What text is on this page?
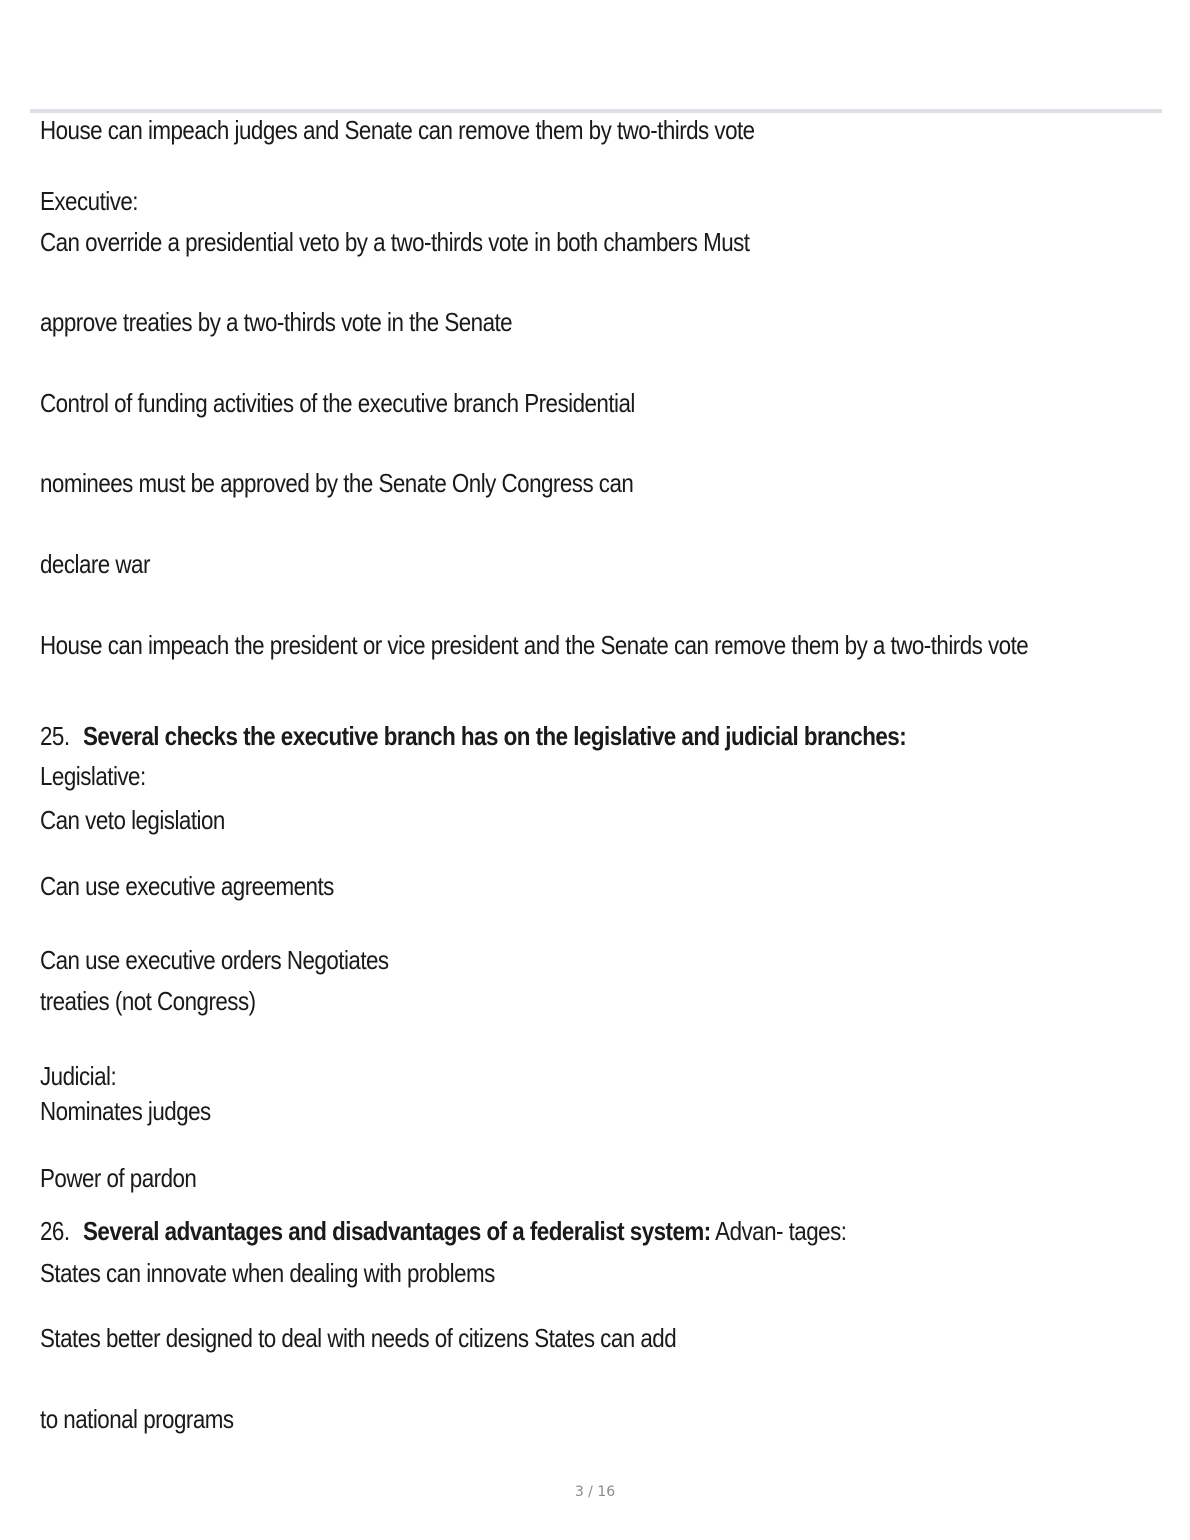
House can impeach judges and Senate can remove them by two-thirds vote

Executive:

Can override a presidential veto by a two-thirds vote in both chambers Must

approve treaties by a two-thirds vote in the Senate

Control of funding activities of the executive branch Presidential

nominees must be approved by the Senate Only Congress can

declare war

House can impeach the president or vice president and the Senate can remove them by a two-thirds vote

25. Several checks the executive branch has on the legislative and judicial branches:

Legislative:

Can veto legislation

Can use executive agreements

Can use executive orders Negotiates

treaties (not Congress)

Judicial:

Nominates judges

Power of pardon

26. Several advantages and disadvantages of a federalist system: Advan- tages:

States can innovate when dealing with problems

States better designed to deal with needs of citizens States can add

to national programs

3 / 16
